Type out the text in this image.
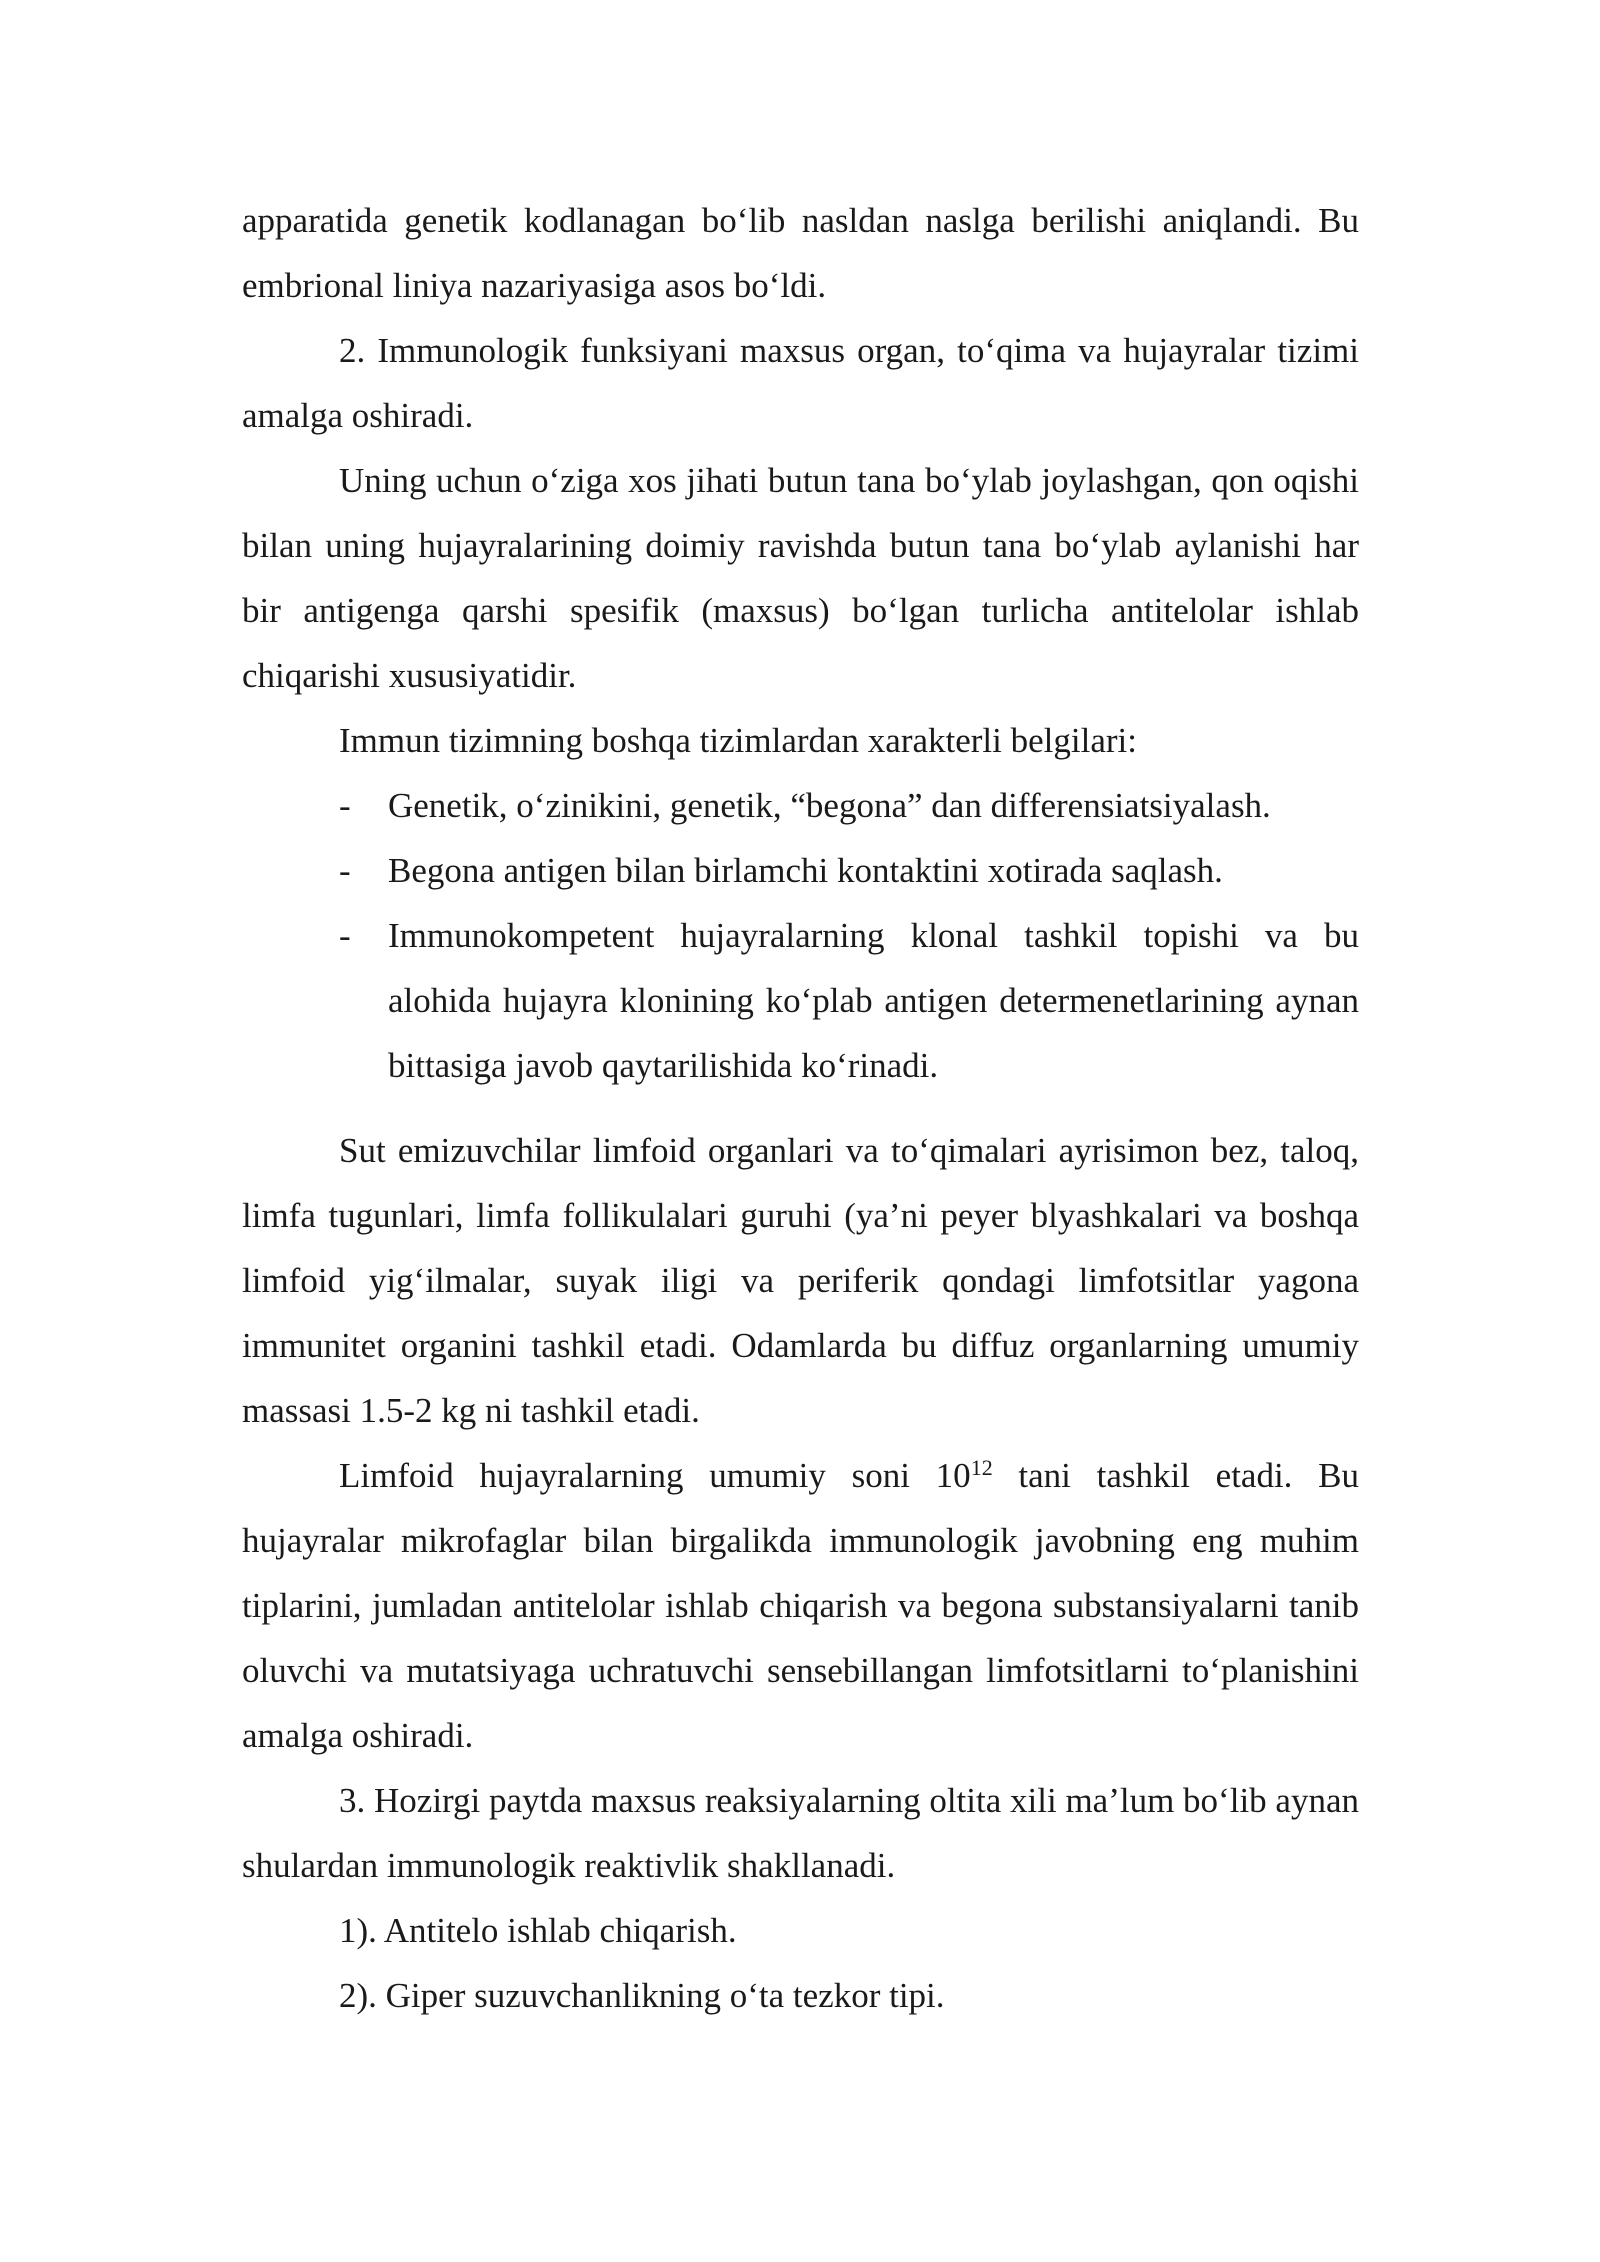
apparatida genetik kodlanagan bo‘lib nasldan naslga berilishi aniqlandi. Bu embrional liniya nazariyasiga asos bo‘ldi.

2. Immunologik funksiyani maxsus organ, to‘qima va hujayralar tizimi amalga oshiradi.

Uning uchun o‘ziga xos jihati butun tana bo‘ylab joylashgan, qon oqishi bilan uning hujayralarining doimiy ravishda butun tana bo‘ylab aylanishi har bir antigenga qarshi spesifik (maxsus) bo‘lgan turlicha antitelolar ishlab chiqarishi xususiyatidir.

Immun tizimning boshqa tizimlardan xarakterli belgilari:

- Genetik, o‘zinikini, genetik, “begona” dan differensiatsiyalash.
- Begona antigen bilan birlamchi kontaktini xotirada saqlash.
- Immunokompetent hujayralarning klonal tashkil topishi va bu alohida hujayra klonining ko‘plab antigen determenetlarining aynan bittasiga javob qaytarilishida ko‘rinadi.

Sut emizuvchilar limfoid organlari va to‘qimalari ayrisimon bez, taloq, limfa tugunlari, limfa follikulalari guruhi (ya’ni peyer blyashkalari va boshqa limfoid yig‘ilmalar, suyak iligi va periferik qondagi limfotsitlar yagona immunitet organini tashkil etadi. Odamlarda bu diffuz organlarning umumiy massasi 1.5-2 kg ni tashkil etadi.

Limfoid hujayralarning umumiy soni $10^{12}$ tani tashkil etadi. Bu hujayralar mikrofaglar bilan birgalikda immunologik javobning eng muhim tiplarini, jumladan antitelolar ishlab chiqarish va begona substansiyalarni tanib oluvchi va mutatsiyaga uchratuvchi sensebillangan limfotsitlarni to‘planishini amalga oshiradi.

3. Hozirgi paytda maxsus reaksiyalarning oltita xili ma’lum bo‘lib aynan shulardan immunologik reaktivlik shakllanadi.

1). Antitelo ishlab chiqarish.

2). Giper suzuvchanlikning o‘ta tezkor tipi.
